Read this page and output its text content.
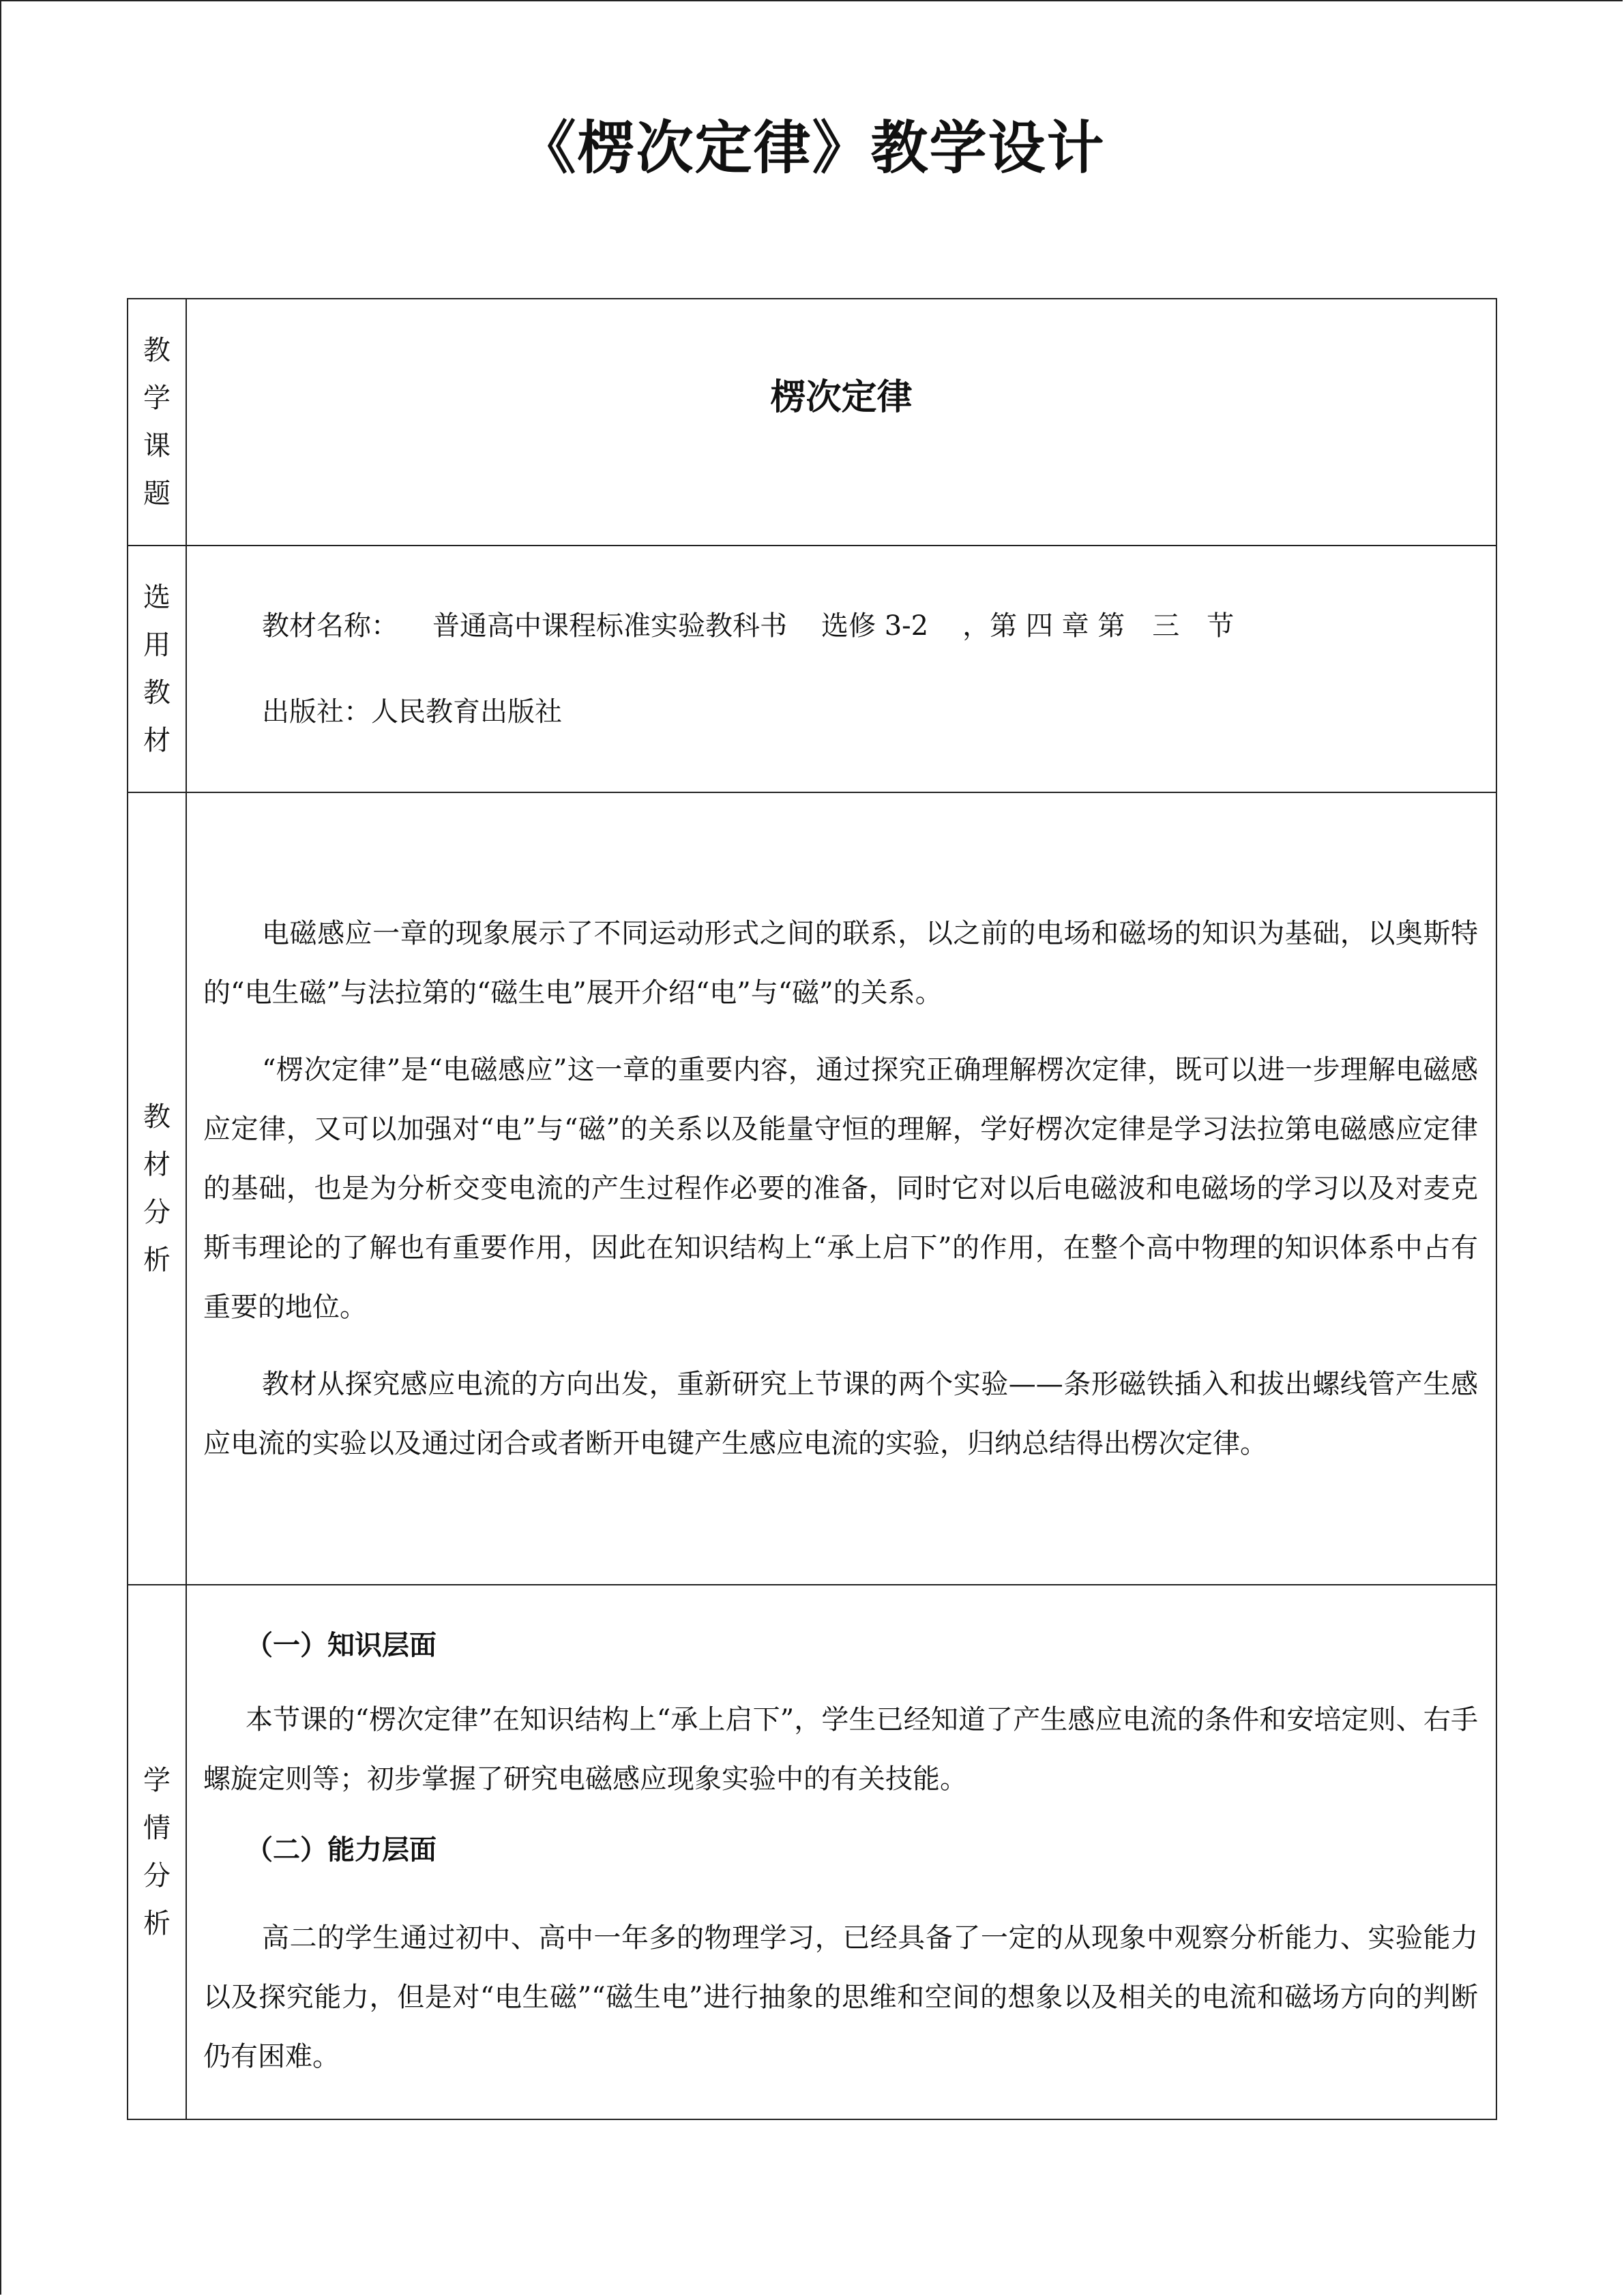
《楞次定律》教学设计
教学课题	楞次定律

选用教材	教材名称： 普通高中课程标准实验教科书 选修 3-2 ，第 四 章 第　三　节
出版社：人民教育出版社

教材分析	电磁感应一章的现象展示了不同运动形式之间的联系，以之前的电场和磁场的知识为基础，以奥斯特的“电生磁”与法拉第的“磁生电”展开介绍“电”与“磁”的关系。

“楞次定律”是“电磁感应”这一章的重要内容，通过探究正确理解楞次定律，既可以进一步理解电磁感应定律，又可以加强对“电”与“磁”的关系以及能量守恒的理解，学好楞次定律是学习法拉第电磁感应定律的基础，也是为分析交变电流的产生过程作必要的准备，同时它对以后电磁波和电磁场的学习以及对麦克斯韦理论的了解也有重要作用，因此在知识结构上“承上启下”的作用，在整个高中物理的知识体系中占有重要的地位。

教材从探究感应电流的方向出发，重新研究上节课的两个实验——条形磁铁插入和拔出螺线管产生感应电流的实验以及通过闭合或者断开电键产生感应电流的实验，归纳总结得出楞次定律。

学情分析	（一）知识层面

本节课的“楞次定律”在知识结构上“承上启下”，学生已经知道了产生感应电流的条件和安培定则、右手螺旋定则等；初步掌握了研究电磁感应现象实验中的有关技能。

（二）能力层面

高二的学生通过初中、高中一年多的物理学习，已经具备了一定的从现象中观察分析能力、实验能力以及探究能力，但是对“电生磁”“磁生电”进行抽象的思维和空间的想象以及相关的电流和磁场方向的判断仍有困难。
